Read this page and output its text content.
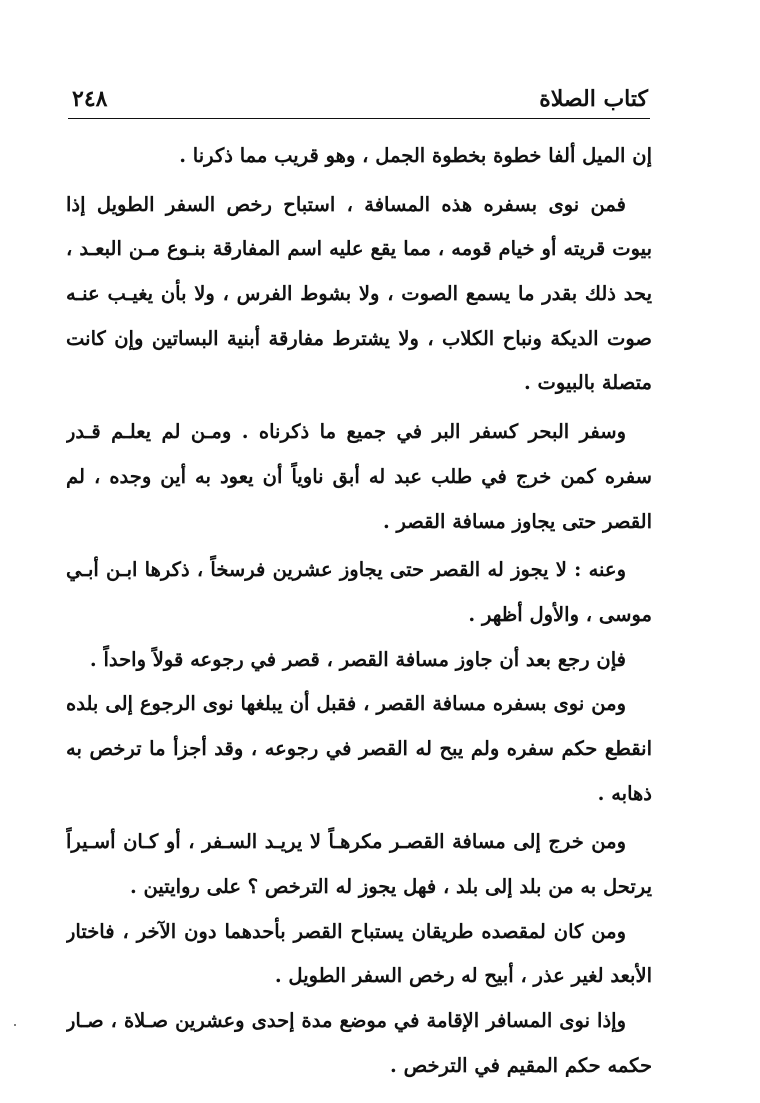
كتاب الصلاة
٢٤٨
إن الميل ألفا خطوة بخطوة الجمل ، وهو قريب مما ذكرنا .
فمن نوى بسفره هذه المسافة ، استباح رخص السفر الطويل إذا
بيوت قريته أو خيام قومه ، مما يقع عليه اسم المفارقة بنـوع مـن البعـد ،
يحد ذلك بقدر ما يسمع الصوت ، ولا بشوط الفرس ، ولا بأن يغيـب عنـه
صوت الديكة ونباح الكلاب ، ولا يشترط مفارقة أبنية البساتين وإن كانت
متصلة بالبيوت .
وسفر البحر كسفر البر في جميع ما ذكرناه . ومـن لم يعلـم قـدر
سفره كمن خرج في طلب عبد له أبق ناوياً أن يعود به أين وجده ، لم
القصر حتى يجاوز مسافة القصر .
وعنه : لا يجوز له القصر حتى يجاوز عشرين فرسخاً ، ذكرها ابـن أبـي
موسى ، والأول أظهر .
فإن رجع بعد أن جاوز مسافة القصر ، قصر في رجوعه قولاً واحداً .
ومن نوى بسفره مسافة القصر ، فقبل أن يبلغها نوى الرجوع إلى بلده
انقطع حكم سفره ولم يبح له القصر في رجوعه ، وقد أجزأ ما ترخص به
ذهابه .
ومن خرج إلى مسافة القصـر مكرهـاً لا يريـد السـفر ، أو كـان أسـيراً
يرتحل به من بلد إلى بلد ، فهل يجوز له الترخص ؟ على روايتين .
ومن كان لمقصده طريقان يستباح القصر بأحدهما دون الآخر ، فاختار
الأبعد لغير عذر ، أبيح له رخص السفر الطويل .
وإذا نوى المسافر الإقامة في موضع مدة إحدى وعشرين صـلاة ، صـار
حكمه حكم المقيم في الترخص .
